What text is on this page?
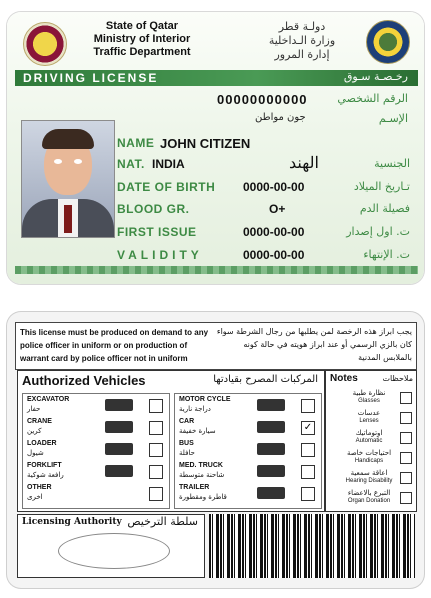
State of Qatar
Ministry of Interior
Traffic Department
دولـة قطر
وزارة الـداخلية
إدارة المرور
DRIVING LICENSE	رخـصـة سـوق
00000000000	الرقم الشخصي
جون مواطن	الإسـم
NAME JOHN CITIZEN
NAT. INDIA	الهند	الجنسية
DATE OF BIRTH 0000-00-00	تـاريخ الميلاد
BLOOD GR.	O+	فصيلة الدم
FIRST ISSUE	0000-00-00	ت. اول إصدار
VALIDITY	0000-00-00	ت. الإنتهاء
This license must be produced on demand to any police officer in uniform or on production of warrant card by police officer not in uniform
يجب ابراز هذه الرخصة لمن يطلبها من رجال الشرطة سواء كان بالزي الرسمي أو عند ابراز هويته في حالة كونه بالملابس المدنية
Authorized Vehicles	المركبات المصرح بقيادتها
EXCAVATOR
حفار
CRANE
كرين
LOADER
شيول
FORKLIFT
رافعة شوكية
OTHER
اخرى
MOTOR CYCLE
دراجة نارية
CAR
سيارة خفيفة	✓
BUS
حافلة
MED. TRUCK
شاحنة متوسطة
TRAILER
قاطرة ومقطورة
Notes	ملاحظات
نظارة طبية
Glasses
عدسات
Lenses
اوتوماتيك
Automatic
احتياجات خاصة
Handicaps
اعاقة سمعية
Hearing Disability
التبرع بالاعضاء
Organ Donation
Licensing Authority سلطة الترخيص
